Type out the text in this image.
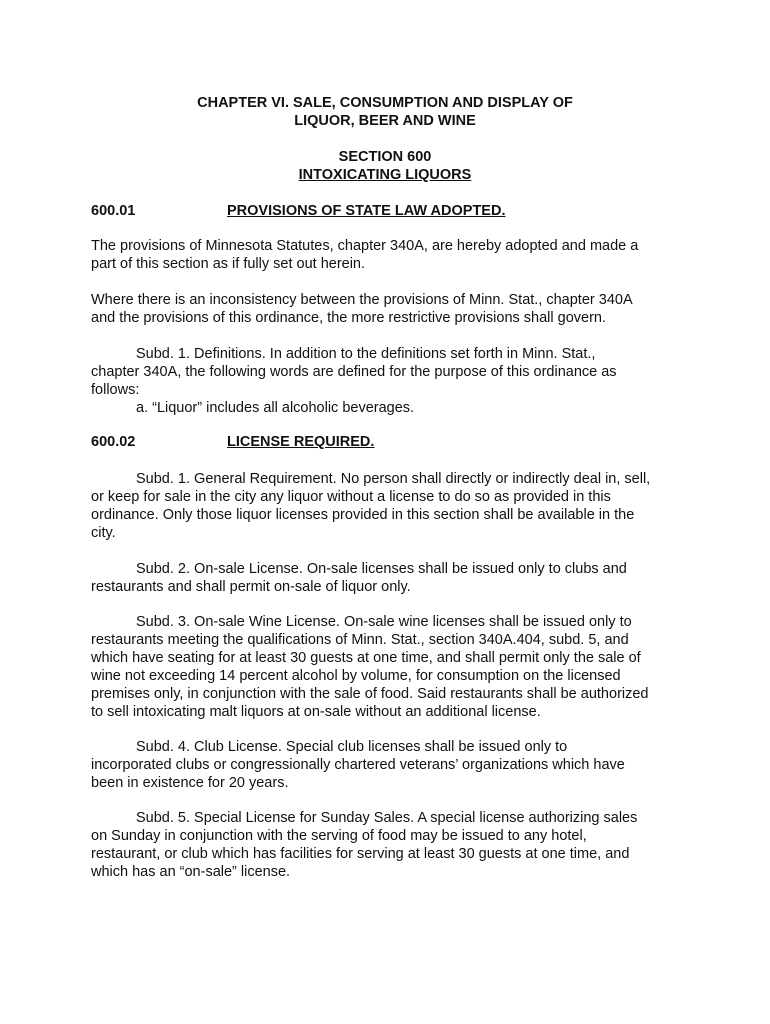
CHAPTER VI. SALE, CONSUMPTION AND DISPLAY OF
LIQUOR, BEER AND WINE

SECTION 600

INTOXICATING LIQUORS

600.01	PROVISIONS OF STATE LAW ADOPTED.

The provisions of Minnesota Statutes, chapter 340A, are hereby adopted and made a
part of this section as if fully set out herein.

Where there is an inconsistency between the provisions of Minn. Stat., chapter 340A
and the provisions of this ordinance, the more restrictive provisions shall govern.

Subd. 1. Definitions. In addition to the definitions set forth in Minn. Stat.,
chapter 340A, the following words are defined for the purpose of this ordinance as
follows:

a. “Liquor” includes all alcoholic beverages.

600.02	LICENSE REQUIRED.

Subd. 1. General Requirement. No person shall directly or indirectly deal in, sell,
or keep for sale in the city any liquor without a license to do so as provided in this
ordinance. Only those liquor licenses provided in this section shall be available in the
city.

Subd. 2. On-sale License. On-sale licenses shall be issued only to clubs and
restaurants and shall permit on-sale of liquor only.

Subd. 3. On-sale Wine License. On-sale wine licenses shall be issued only to
restaurants meeting the qualifications of Minn. Stat., section 340A.404, subd. 5, and
which have seating for at least 30 guests at one time, and shall permit only the sale of
wine not exceeding 14 percent alcohol by volume, for consumption on the licensed
premises only, in conjunction with the sale of food. Said restaurants shall be authorized
to sell intoxicating malt liquors at on-sale without an additional license.

Subd. 4. Club License. Special club licenses shall be issued only to
incorporated clubs or congressionally chartered veterans’ organizations which have
been in existence for 20 years.

Subd. 5. Special License for Sunday Sales. A special license authorizing sales
on Sunday in conjunction with the serving of food may be issued to any hotel,
restaurant, or club which has facilities for serving at least 30 guests at one time, and
which has an “on-sale” license.
